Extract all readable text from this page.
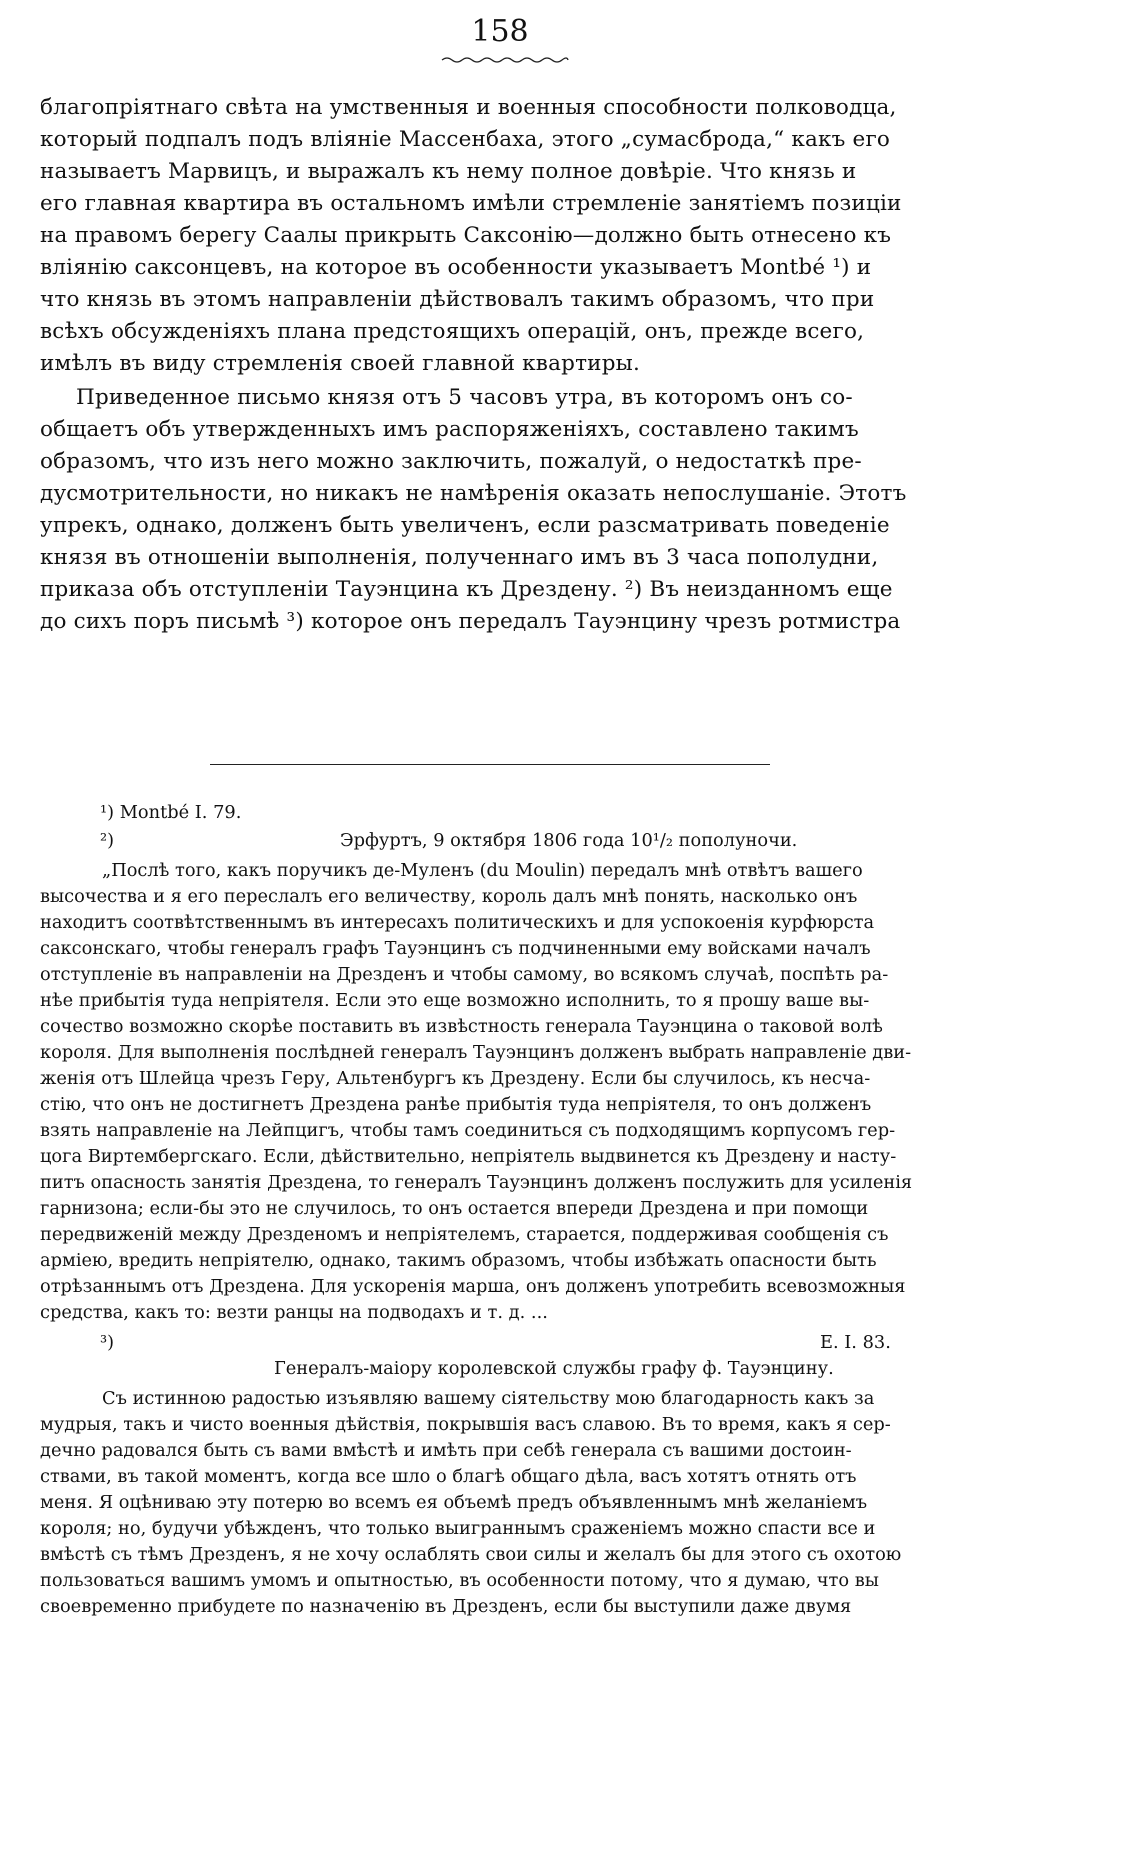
158
благопріятнаго свѣта на умственныя и военныя способности полководца,
который подпалъ подъ вліяніе Массенбаха, этого „сумасброда,“ какъ его
называетъ Марвицъ, и выражалъ къ нему полное довѣріе. Что князь и
его главная квартира въ остальномъ имѣли стремленіе занятіемъ позиціи
на правомъ берегу Саалы прикрыть Саксонію—должно быть отнесено къ
вліянію саксонцевъ, на которое въ особенности указываетъ Montbé ¹) и
что князь въ этомъ направленіи дѣйствовалъ такимъ образомъ, что при
всѣхъ обсужденіяхъ плана предстоящихъ операцій, онъ, прежде всего,
имѣлъ въ виду стремленія своей главной квартиры.
Приведенное письмо князя отъ 5 часовъ утра, въ которомъ онъ со-
общаетъ объ утвержденныхъ имъ распоряженіяхъ, составлено такимъ
образомъ, что изъ него можно заключить, пожалуй, о недостаткѣ пре-
дусмотрительности, но никакъ не намѣренія оказать непослушаніе. Этотъ
упрекъ, однако, долженъ быть увеличенъ, если разсматривать поведеніе
князя въ отношеніи выполненія, полученнаго имъ въ 3 часа пополудни,
приказа объ отступленіи Тауэнцина къ Дрездену. ²) Въ неизданномъ еще
до сихъ поръ письмѣ ³) которое онъ передалъ Тауэнцину чрезъ ротмистра
¹) Montbé I. 79.
²)	Эрфуртъ, 9 октября 1806 года 10¹/₂ пополуночи.
„Послѣ того, какъ поручикъ де-Муленъ (du Moulin) передалъ мнѣ отвѣтъ вашего
высочества и я его переслалъ его величеству, король далъ мнѣ понять, насколько онъ
находитъ соотвѣтственнымъ въ интересахъ политическихъ и для успокоенія курфюрста
саксонскаго, чтобы генералъ графъ Тауэнцинъ съ подчиненными ему войсками началъ
отступленіе въ направленіи на Дрезденъ и чтобы самому, во всякомъ случаѣ, поспѣть ра-
нѣе прибытія туда непріятеля. Если это еще возможно исполнить, то я прошу ваше вы-
сочество возможно скорѣе поставить въ извѣстность генерала Тауэнцина о таковой волѣ
короля. Для выполненія послѣдней генералъ Тауэнцинъ долженъ выбрать направленіе дви-
женія отъ Шлейца чрезъ Геру, Альтенбургъ къ Дрездену. Если бы случилось, къ несча-
стію, что онъ не достигнетъ Дрездена ранѣе прибытія туда непріятеля, то онъ долженъ
взять направленіе на Лейпцигъ, чтобы тамъ соединиться съ подходящимъ корпусомъ гер-
цога Виртембергскаго. Если, дѣйствительно, непріятель выдвинется къ Дрездену и насту-
питъ опасность занятія Дрездена, то генералъ Тауэнцинъ долженъ послужить для усиленія
гарнизона; если-бы это не случилось, то онъ остается впереди Дрездена и при помощи
передвиженій между Дрезденомъ и непріятелемъ, старается, поддерживая сообщенія съ
арміею, вредить непріятелю, однако, такимъ образомъ, чтобы избѣжать опасности быть
отрѣзаннымъ отъ Дрездена. Для ускоренія марша, онъ долженъ употребить всевозможныя
средства, какъ то: везти ранцы на подводахъ и т. д. ...
³)	E. I. 83.
Генералъ-маіору королевской службы графу ф. Тауэнцину.
Съ истинною радостью изъявляю вашему сіятельству мою благодарность какъ за
мудрыя, такъ и чисто военныя дѣйствія, покрывшія васъ славою. Въ то время, какъ я сер-
дечно радовался быть съ вами вмѣстѣ и имѣть при себѣ генерала съ вашими достоин-
ствами, въ такой моментъ, когда все шло о благѣ общаго дѣла, васъ хотятъ отнять отъ
меня. Я оцѣниваю эту потерю во всемъ ея объемѣ предъ объявленнымъ мнѣ желаніемъ
короля; но, будучи убѣжденъ, что только выиграннымъ сраженіемъ можно спасти все и
вмѣстѣ съ тѣмъ Дрезденъ, я не хочу ослаблять свои силы и желалъ бы для этого съ охотою
пользоваться вашимъ умомъ и опытностью, въ особенности потому, что я думаю, что вы
своевременно прибудете по назначенію въ Дрезденъ, если бы выступили даже двумя
